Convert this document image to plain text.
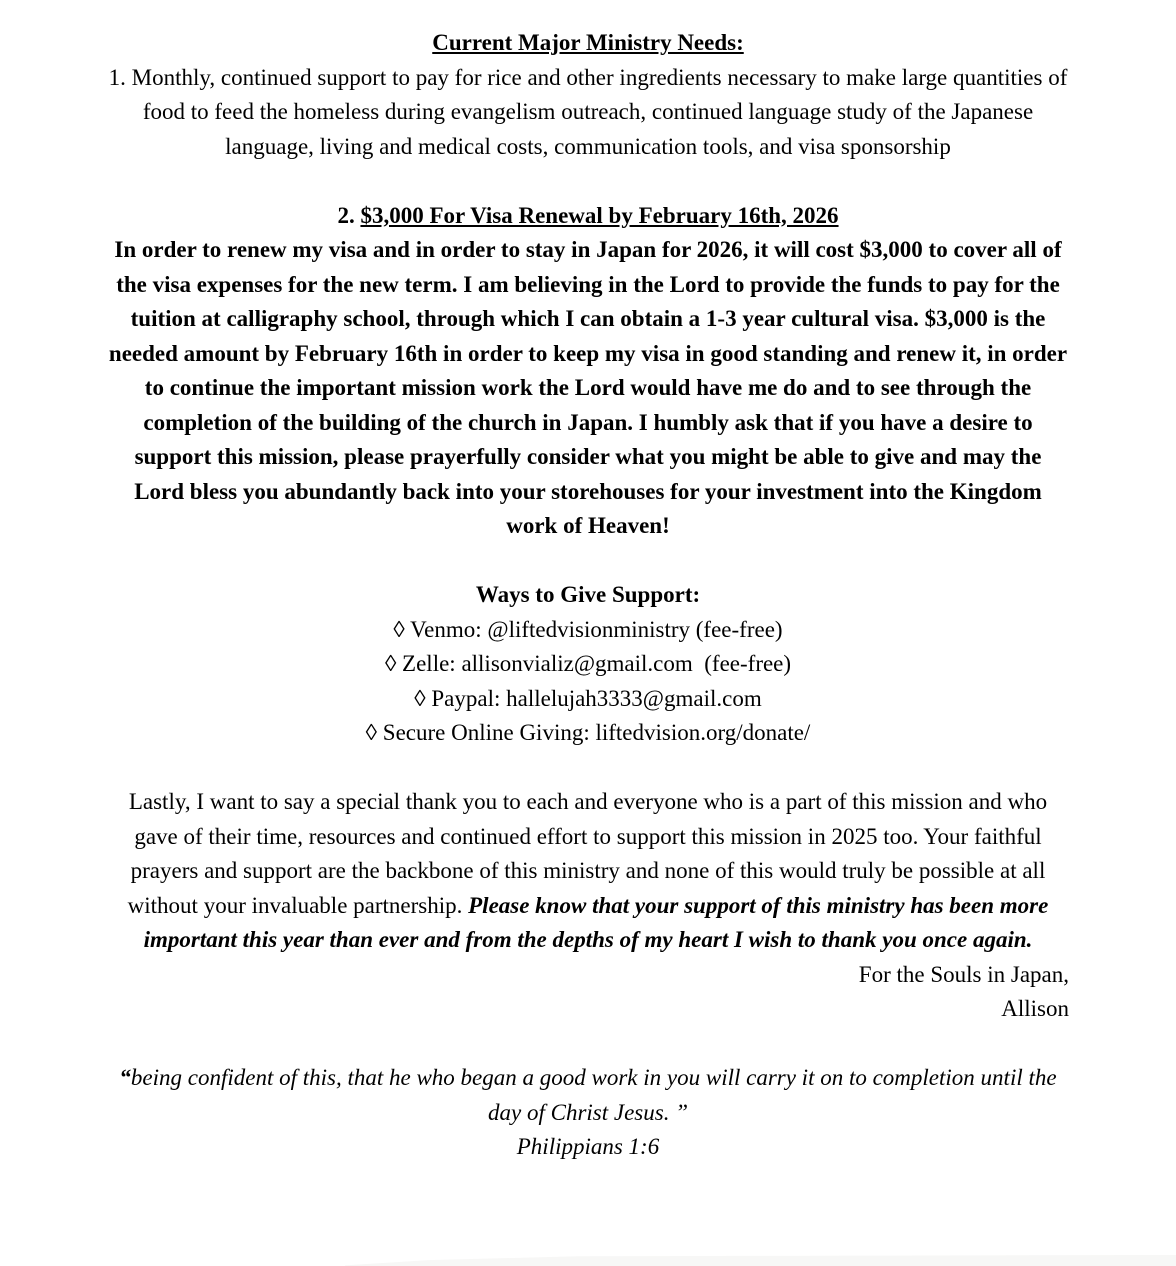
Current Major Ministry Needs:

1. Monthly, continued support to pay for rice and other ingredients necessary to make large quantities of food to feed the homeless during evangelism outreach, continued language study of the Japanese language, living and medical costs, communication tools, and visa sponsorship

2. $3,000 For Visa Renewal by February 16th, 2026

In order to renew my visa and in order to stay in Japan for 2026, it will cost $3,000 to cover all of the visa expenses for the new term. I am believing in the Lord to provide the funds to pay for the tuition at calligraphy school, through which I can obtain a 1-3 year cultural visa. $3,000 is the needed amount by February 16th in order to keep my visa in good standing and renew it, in order to continue the important mission work the Lord would have me do and to see through the completion of the building of the church in Japan. I humbly ask that if you have a desire to support this mission, please prayerfully consider what you might be able to give and may the Lord bless you abundantly back into your storehouses for your investment into the Kingdom work of Heaven!

Ways to Give Support:
◊ Venmo: @liftedvisionministry (fee-free)
◊ Zelle: allisonvializ@gmail.com  (fee-free)
◊ Paypal: hallelujah3333@gmail.com
◊ Secure Online Giving: liftedvision.org/donate/

Lastly, I want to say a special thank you to each and everyone who is a part of this mission and who gave of their time, resources and continued effort to support this mission in 2025 too. Your faithful prayers and support are the backbone of this ministry and none of this would truly be possible at all without your invaluable partnership. Please know that your support of this ministry has been more important this year than ever and from the depths of my heart I wish to thank you once again.

For the Souls in Japan,
Allison

“being confident of this, that he who began a good work in you will carry it on to completion until the day of Christ Jesus. ”

Philippians 1:6
